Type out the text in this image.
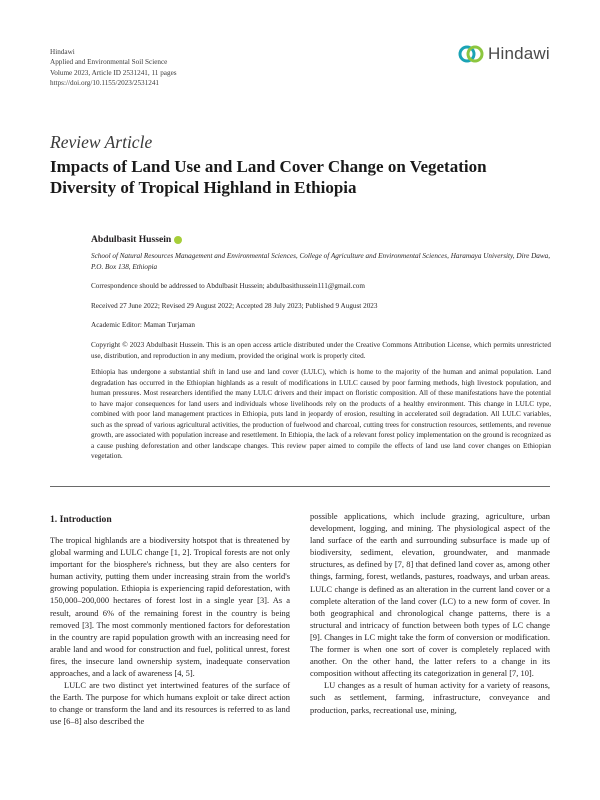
Hindawi
Applied and Environmental Soil Science
Volume 2023, Article ID 2531241, 11 pages
https://doi.org/10.1155/2023/2531241
Hindawi
Review Article
Impacts of Land Use and Land Cover Change on Vegetation Diversity of Tropical Highland in Ethiopia
Abdulbasit Hussein
School of Natural Resources Management and Environmental Sciences, College of Agriculture and Environmental Sciences, Haramaya University, Dire Dawa, P.O. Box 138, Ethiopia
Correspondence should be addressed to Abdulbasit Hussein; abdulbasithussein111@gmail.com
Received 27 June 2022; Revised 29 August 2022; Accepted 28 July 2023; Published 9 August 2023
Academic Editor: Maman Turjaman
Copyright © 2023 Abdulbasit Hussein. This is an open access article distributed under the Creative Commons Attribution License, which permits unrestricted use, distribution, and reproduction in any medium, provided the original work is properly cited.
Ethiopia has undergone a substantial shift in land use and land cover (LULC), which is home to the majority of the human and animal population. Land degradation has occurred in the Ethiopian highlands as a result of modifications in LULC caused by poor farming methods, high livestock population, and human pressures. Most researchers identified the many LULC drivers and their impact on floristic composition. All of these manifestations have the potential to have major consequences for land users and individuals whose livelihoods rely on the products of a healthy environment. This change in LULC type, combined with poor land management practices in Ethiopia, puts land in jeopardy of erosion, resulting in accelerated soil degradation. All LULC variables, such as the spread of various agricultural activities, the production of fuelwood and charcoal, cutting trees for construction resources, settlements, and revenue growth, are associated with population increase and resettlement. In Ethiopia, the lack of a relevant forest policy implementation on the ground is recognized as a cause pushing deforestation and other landscape changes. This review paper aimed to compile the effects of land use land cover changes on Ethiopian vegetation.
1. Introduction

The tropical highlands are a biodiversity hotspot that is threatened by global warming and LULC change [1, 2]. Tropical forests are not only important for the biosphere's richness, but they are also centers for human activity, putting them under increasing strain from the world's growing population. Ethiopia is experiencing rapid deforestation, with 150,000–200,000 hectares of forest lost in a single year [3]. As a result, around 6% of the remaining forest in the country is being removed [3]. The most commonly mentioned factors for deforestation in the country are rapid population growth with an increasing need for arable land and wood for construction and fuel, political unrest, forest fires, the insecure land ownership system, inadequate conservation approaches, and a lack of awareness [4, 5].

LULC are two distinct yet intertwined features of the surface of the Earth. The purpose for which humans exploit or take direct action to change or transform the land and its resources is referred to as land use [6–8] also described the

possible applications, which include grazing, agriculture, urban development, logging, and mining. The physiological aspect of the land surface of the earth and surrounding subsurface is made up of biodiversity, sediment, elevation, groundwater, and manmade structures, as defined by [7, 8] that defined land cover as, among other things, farming, forest, wetlands, pastures, roadways, and urban areas. LULC change is defined as an alteration in the current land cover or a complete alteration of the land cover (LC) to a new form of cover. In both geographical and chronological change patterns, there is a structural and intricacy of function between both types of LC change [9]. Changes in LC might take the form of conversion or modification. The former is when one sort of cover is completely replaced with another. On the other hand, the latter refers to a change in its composition without affecting its categorization in general [7, 10].

LU changes as a result of human activity for a variety of reasons, such as settlement, farming, infrastructure, conveyance and production, parks, recreational use, mining,
